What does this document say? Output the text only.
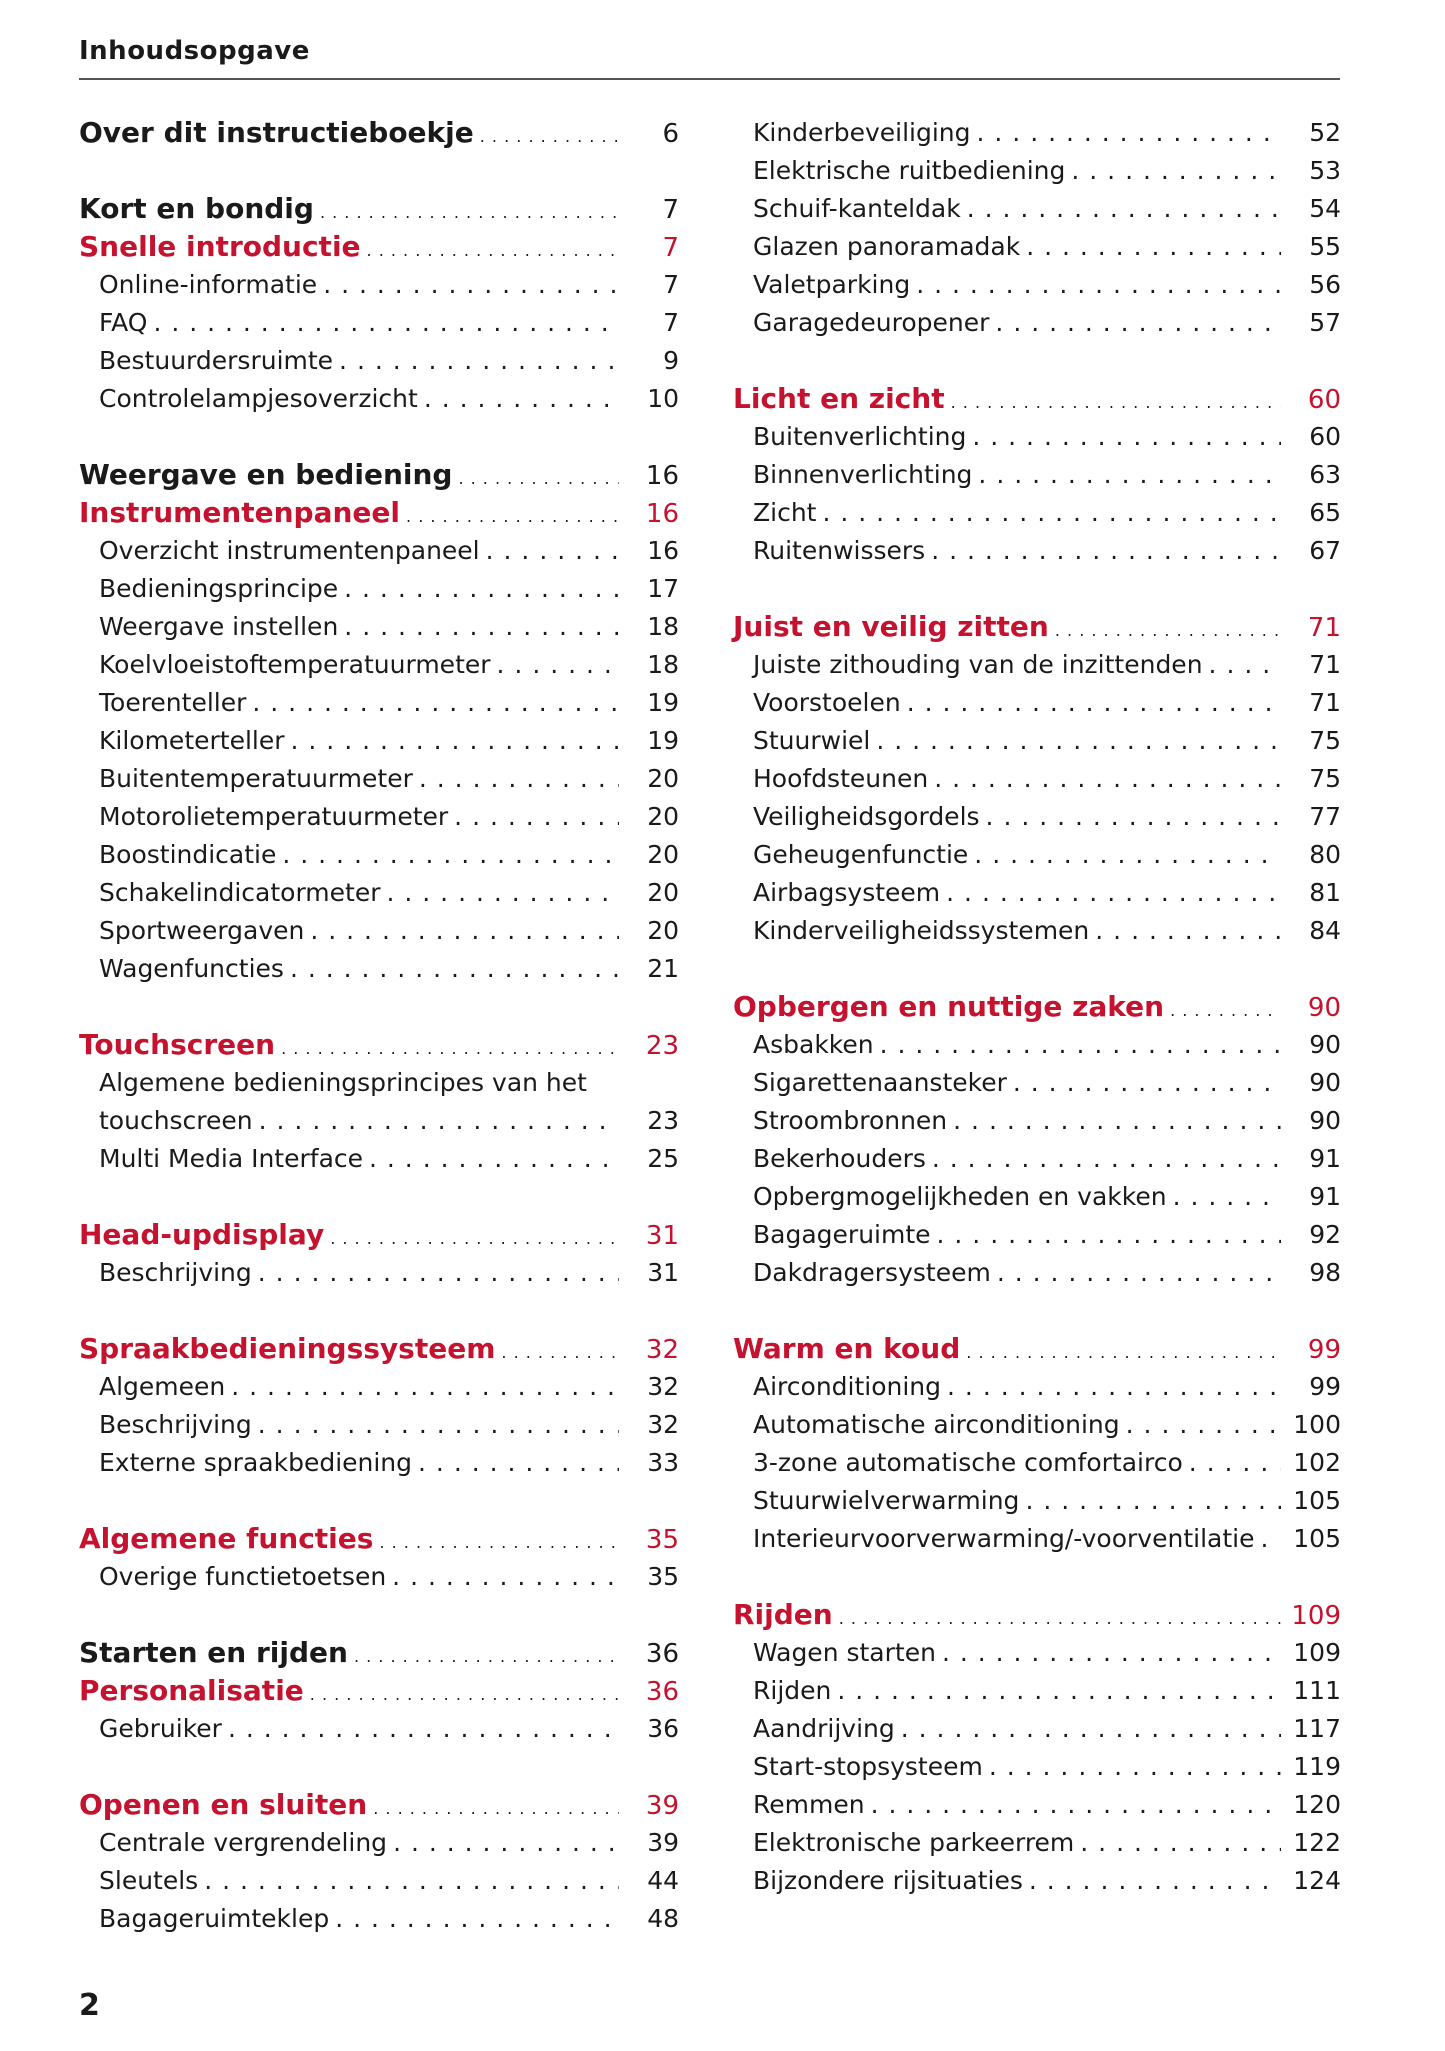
Inhoudsopgave
Over dit instructieboekje . . .	6
Kort en bondig . . .	7
Snelle introductie . . .	7
Online-informatie . . .	7
FAQ . . .	7
Bestuurdersruimte . . .	9
Controlelampjesoverzicht . . .	10
Weergave en bediening . . .	16
Instrumentenpaneel . . .	16
Overzicht instrumentenpaneel . . .	16
Bedieningsprincipe . . .	17
Weergave instellen . . .	18
Koelvloeistoftemperatuurmeter . . .	18
Toerenteller . . .	19
Kilometerteller . . .	19
Buitentemperatuurmeter . . .	20
Motorolietemperatuurmeter . . .	20
Boostindicatie . . .	20
Schakelindicatormeter . . .	20
Sportweergaven . . .	20
Wagenfuncties . . .	21
Touchscreen . . .	23
Algemene bedieningsprincipes van het
touchscreen . . .	23
Multi Media Interface . . .	25
Head-updisplay . . .	31
Beschrijving . . .	31
Spraakbedieningssysteem . . .	32
Algemeen . . .	32
Beschrijving . . .	32
Externe spraakbediening . . .	33
Algemene functies . . .	35
Overige functietoetsen . . .	35
Starten en rijden . . .	36
Personalisatie . . .	36
Gebruiker . . .	36
Openen en sluiten . . .	39
Centrale vergrendeling . . .	39
Sleutels . . .	44
Bagageruimteklep . . .	48
Kinderbeveiliging . . .	52
Elektrische ruitbediening . . .	53
Schuif-kanteldak . . .	54
Glazen panoramadak . . .	55
Valetparking . . .	56
Garagedeuropener . . .	57
Licht en zicht . . .	60
Buitenverlichting . . .	60
Binnenverlichting . . .	63
Zicht . . .	65
Ruitenwissers . . .	67
Juist en veilig zitten . . .	71
Juiste zithouding van de inzittenden . . .	71
Voorstoelen . . .	71
Stuurwiel . . .	75
Hoofdsteunen . . .	75
Veiligheidsgordels . . .	77
Geheugenfunctie . . .	80
Airbagsysteem . . .	81
Kinderveiligheidssystemen . . .	84
Opbergen en nuttige zaken . . .	90
Asbakken . . .	90
Sigarettenaansteker . . .	90
Stroombronnen . . .	90
Bekerhouders . . .	91
Opbergmogelijkheden en vakken . . .	91
Bagageruimte . . .	92
Dakdragersysteem . . .	98
Warm en koud . . .	99
Airconditioning . . .	99
Automatische airconditioning . . .	100
3-zone automatische comfortairco . . .	102
Stuurwielverwarming . . .	105
Interieurvoorverwarming/-voorventilatie . . . 105
Rijden . . .	109
Wagen starten . . .	109
Rijden . . .	111
Aandrijving . . .	117
Start-stopsysteem . . .	119
Remmen . . .	120
Elektronische parkeerrem . . .	122
Bijzondere rijsituaties . . .	124
2
